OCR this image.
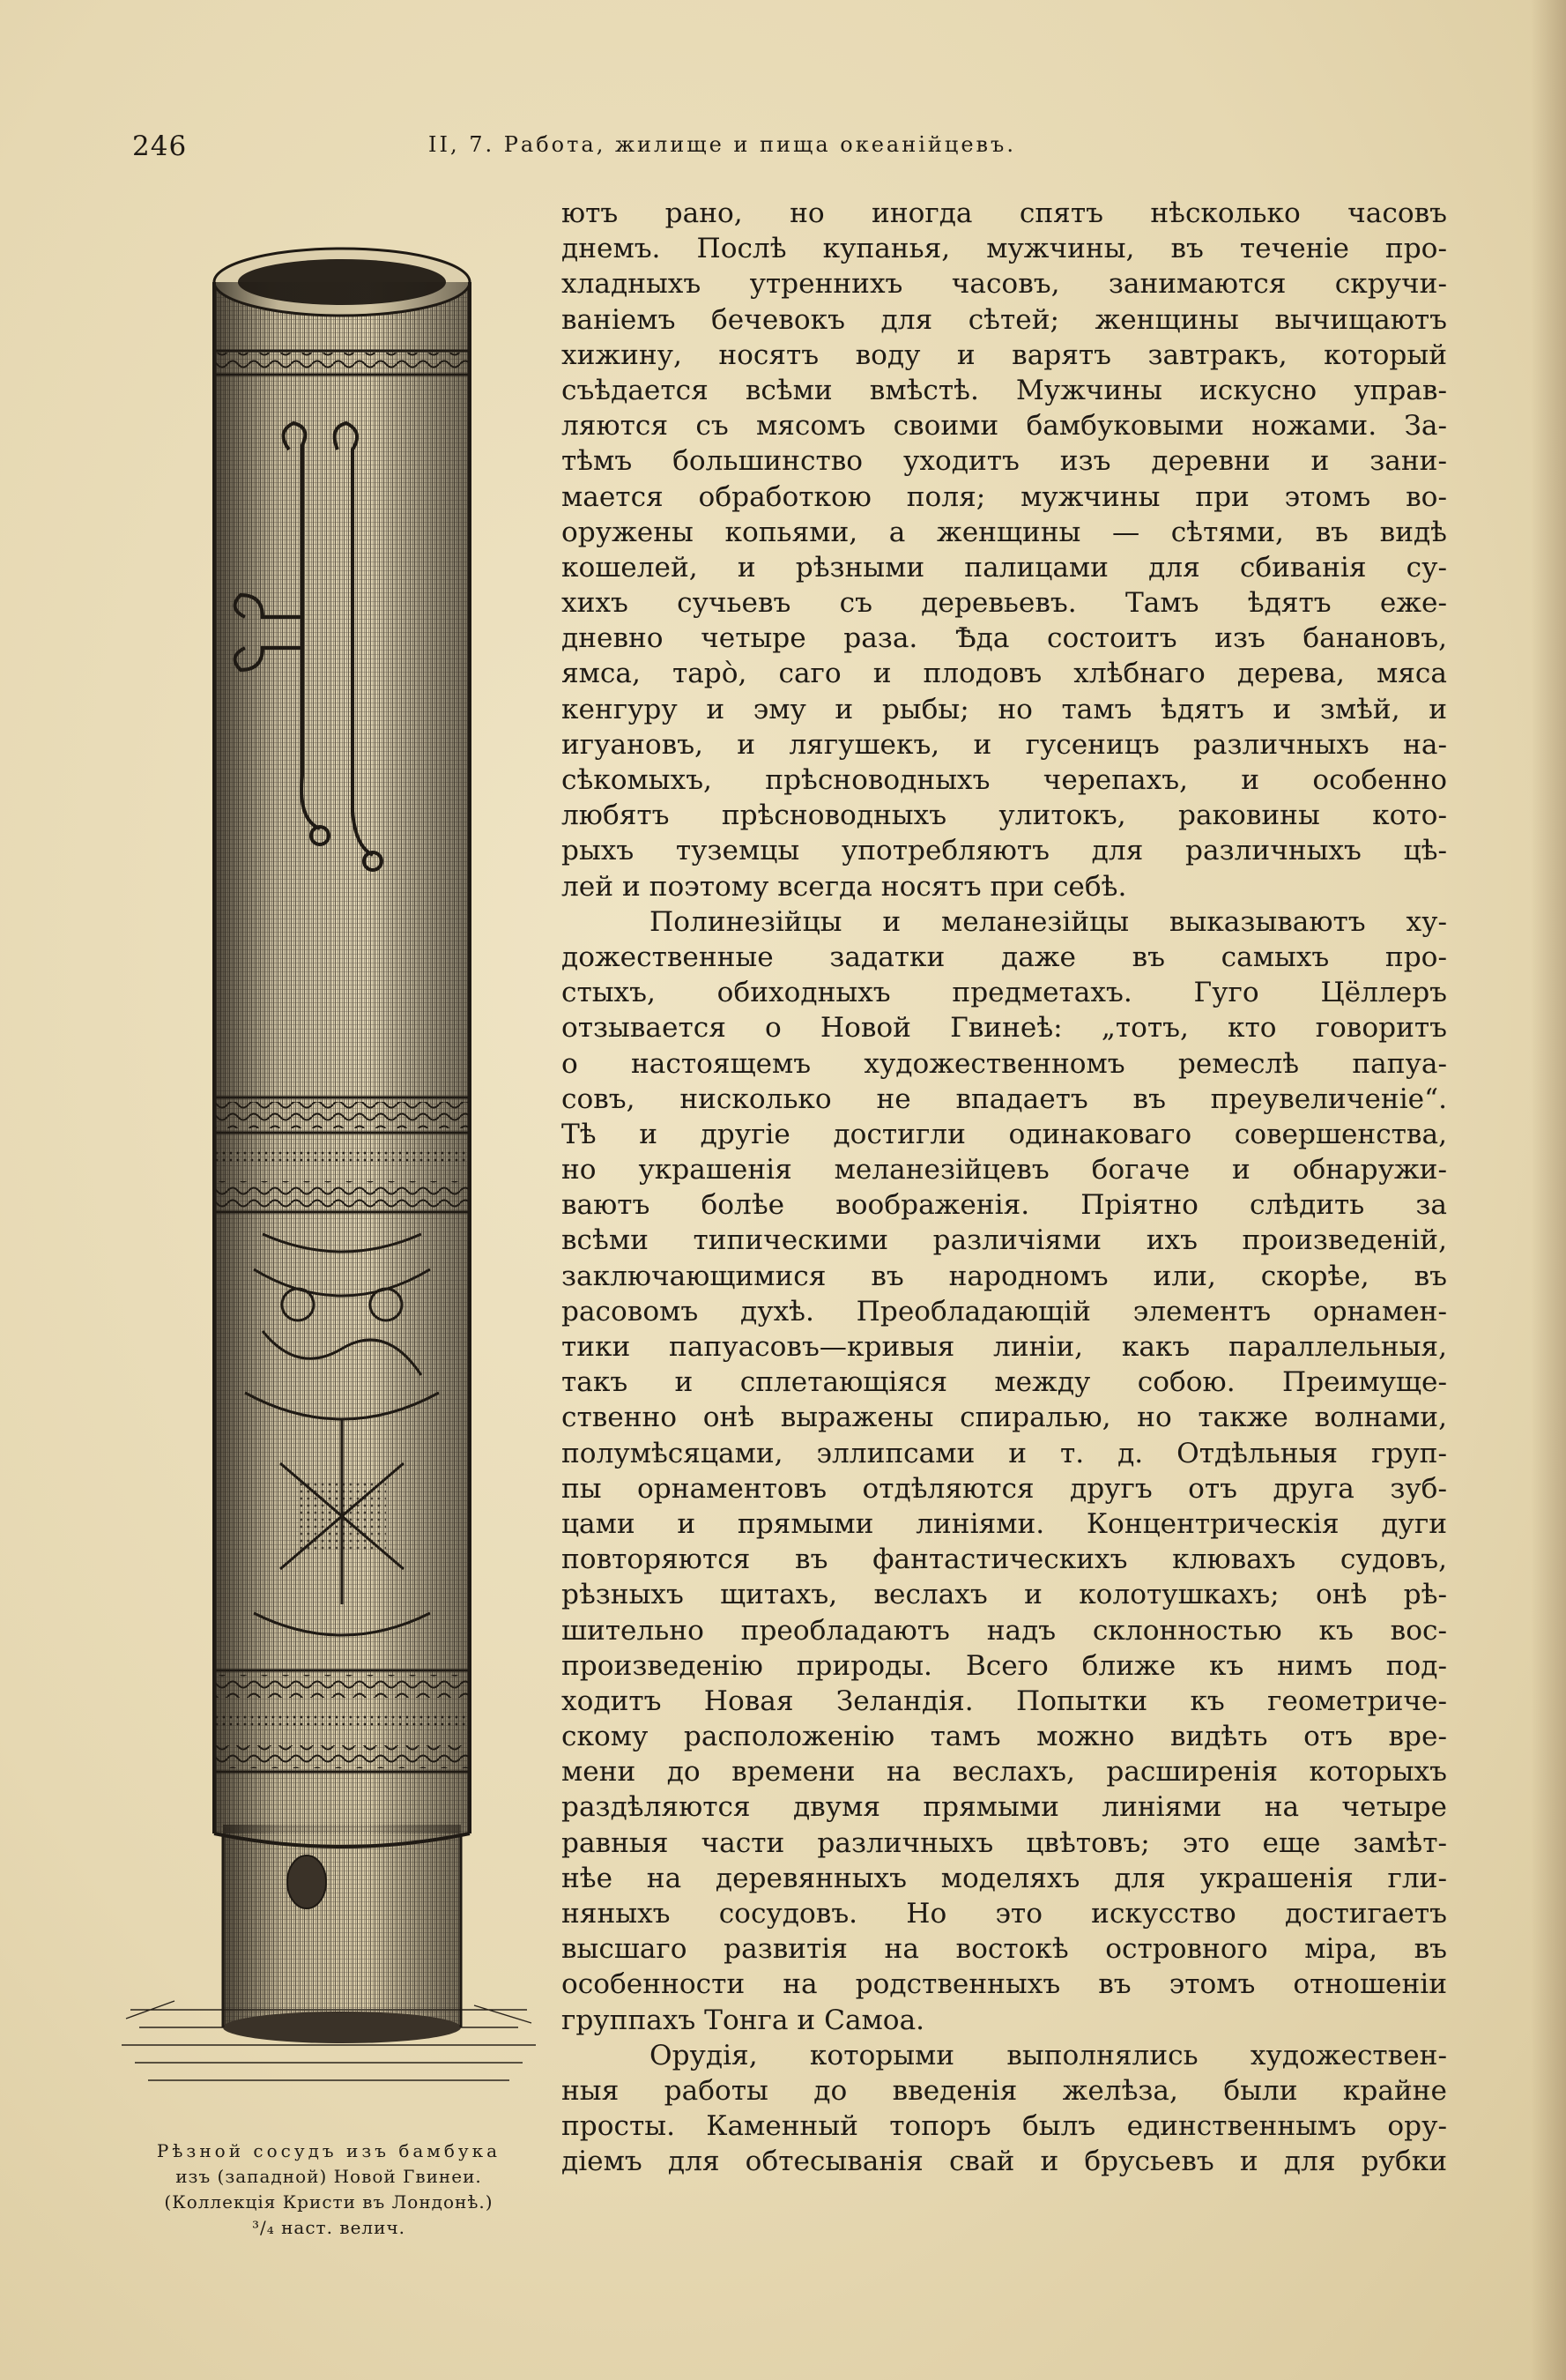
246	II, 7. Работа, жилище и пища океанійцевъ.
Рѣзной сосудъ изъ бамбука
изъ (западной) Новой Гвинеи.
(Коллекція Кристи въ Лондонѣ.)
³/₄ наст. велич.
ютъ рано, но иногда спятъ нѣсколько часовъ
днемъ. Послѣ купанья, мужчины, въ теченіе про-
хладныхъ утреннихъ часовъ, занимаются скручи-
ваніемъ бечевокъ для сѣтей; женщины вычищаютъ
хижину, носятъ воду и варятъ завтракъ, который
съѣдается всѣми вмѣстѣ. Мужчины искусно управ-
ляются съ мясомъ своими бамбуковыми ножами. За-
тѣмъ большинство уходитъ изъ деревни и зани-
мается обработкою поля; мужчины при этомъ во-
оружены копьями, а женщины — сѣтями, въ видѣ
кошелей, и рѣзными палицами для сбиванія су-
хихъ сучьевъ съ деревьевъ. Тамъ ѣдятъ еже-
дневно четыре раза. Ѣда состоитъ изъ банановъ,
ямса, таро̀, саго и плодовъ хлѣбнаго дерева, мяса
кенгуру и эму и рыбы; но тамъ ѣдятъ и змѣй, и
игуановъ, и лягушекъ, и гусеницъ различныхъ на-
сѣкомыхъ, прѣсноводныхъ черепахъ, и особенно
любятъ прѣсноводныхъ улитокъ, раковины кото-
рыхъ туземцы употребляютъ для различныхъ цѣ-
лей и поэтому всегда носятъ при себѣ.
Полинезійцы и меланезійцы выказываютъ ху-
дожественные задатки даже въ самыхъ про-
стыхъ, обиходныхъ предметахъ. Гуго Цёллеръ
отзывается о Новой Гвинеѣ: „тотъ, кто говоритъ
о настоящемъ художественномъ ремеслѣ папуа-
совъ, нисколько не впадаетъ въ преувеличеніе“.
Тѣ и другіе достигли одинаковаго совершенства,
но украшенія меланезійцевъ богаче и обнаружи-
ваютъ болѣе воображенія. Пріятно слѣдить за
всѣми типическими различіями ихъ произведеній,
заключающимися въ народномъ или, скорѣе, въ
расовомъ духѣ. Преобладающій элементъ орнамен-
тики папуасовъ—кривыя линіи, какъ параллельныя,
такъ и сплетающіяся между собою. Преимуще-
ственно онѣ выражены спиралью, но также волнами,
полумѣсяцами, эллипсами и т. д. Отдѣльныя груп-
пы орнаментовъ отдѣляются другъ отъ друга зуб-
цами и прямыми линіями. Концентрическія дуги
повторяются въ фантастическихъ клювахъ судовъ,
рѣзныхъ щитахъ, веслахъ и колотушкахъ; онѣ рѣ-
шительно преобладаютъ надъ склонностью къ вос-
произведенію природы. Всего ближе къ нимъ под-
ходитъ Новая Зеландія. Попытки къ геометриче-
скому расположенію тамъ можно видѣть отъ вре-
мени до времени на веслахъ, расширенія которыхъ
раздѣляются двумя прямыми линіями на четыре
равныя части различныхъ цвѣтовъ; это еще замѣт-
нѣе на деревянныхъ моделяхъ для украшенія гли-
няныхъ сосудовъ. Но это искусство достигаетъ
высшаго развитія на востокѣ островного міра, въ
особенности на родственныхъ въ этомъ отношеніи
группахъ Тонга и Самоа.
Орудія, которыми выполнялись художествен-
ныя работы до введенія желѣза, были крайне
просты. Каменный топоръ былъ единственнымъ ору-
діемъ для обтесыванія свай и брусьевъ и для рубки
